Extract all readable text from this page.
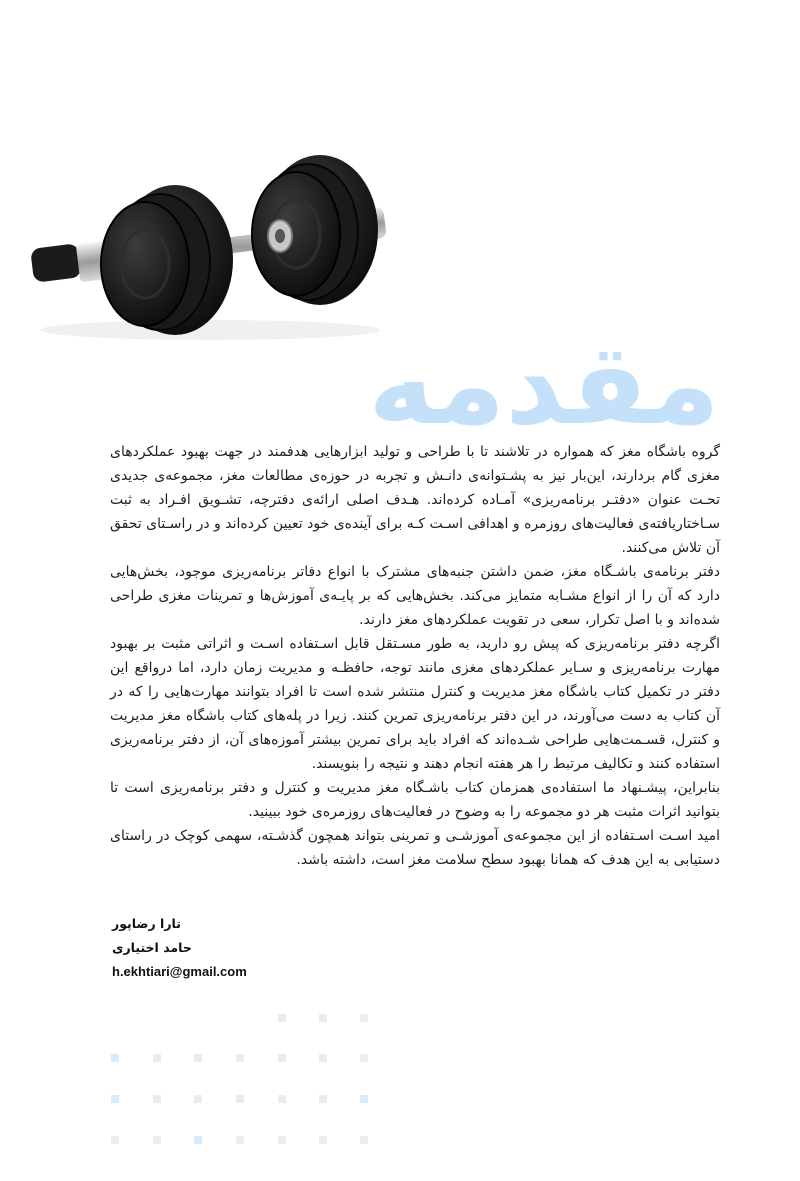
مقدمه

گروه باشگاه مغز که همواره در تلاشند تا با طراحی و تولید ابزارهایی هدفمند در جهت بهبود عملکردهای مغزی گام بردارند، این‌بار نیز به پشـتوانه‌ی دانـش و تجربه در حوزه‌ی مطالعات مغز، مجموعه‌ی جدیدی تحـت عنوان «دفتـر برنامه‌ریزی» آمـاده کرده‌اند. هـدف اصلی ارائه‌ی دفترچه، تشـویق افـراد به ثبت سـاختاریافته‌ی فعالیت‌های روزمره و اهدافی اسـت کـه برای آینده‌ی خود تعیین کرده‌اند و در راسـتای تحقق آن تلاش می‌کنند.

دفتر برنامه‌ی باشـگاه مغز، ضمن داشتن جنبه‌های مشترک با انواع دفاتر برنامه‌ریزی موجود، بخش‌هایی دارد که آن را از انواع مشـابه متمایز می‌کند. بخش‌هایی که بر پایـه‌ی آموزش‌ها و تمرینات مغزی طراحی شده‌اند و با اصل تکرار، سعی در تقویت عملکردهای مغز دارند.

اگرچه دفتر برنامه‌ریزی که پیش رو دارید، به طور مسـتقل قابل اسـتفاده اسـت و اثراتی مثبت بر بهبود مهارت برنامه‌ریزی و سـایر عملکردهای مغزی مانند توجه، حافظـه و مدیریت زمان دارد، اما درواقع این دفتر در تکمیل کتاب باشگاه مغز مدیریت و کنترل منتشر شده است تا افراد بتوانند مهارت‌هایی را که در آن کتاب به دست می‌آورند، در این دفتر برنامه‌ریزی تمرین کنند. زیرا در پله‌های کتاب باشگاه مغز مدیریت و کنترل، قسـمت‌هایی طراحی شـده‌اند که افراد باید برای تمرین بیشتر آموزه‌های آن، از دفتر برنامه‌ریزی استفاده کنند و تکالیف مرتبط را هر هفته انجام دهند و نتیجه را بنویسند.

بنابراین، پیشـنهاد ما استفاده‌ی همزمان کتاب باشـگاه مغز مدیریت و کنترل و دفتر برنامه‌ریزی است تا بتوانید اثرات مثبت هر دو مجموعه را به وضوح در فعالیت‌های روزمره‌ی خود ببینید.

امید اسـت اسـتفاده از این مجموعه‌ی آموزشـی و تمرینی بتواند همچون گذشـته، سهمی کوچک در راستای دستیابی به این هدف که همانا بهبود سطح سلامت مغز است، داشته باشد.

تارا رضاپور
حامد اختیاری
h.ekhtiari@gmail.com
